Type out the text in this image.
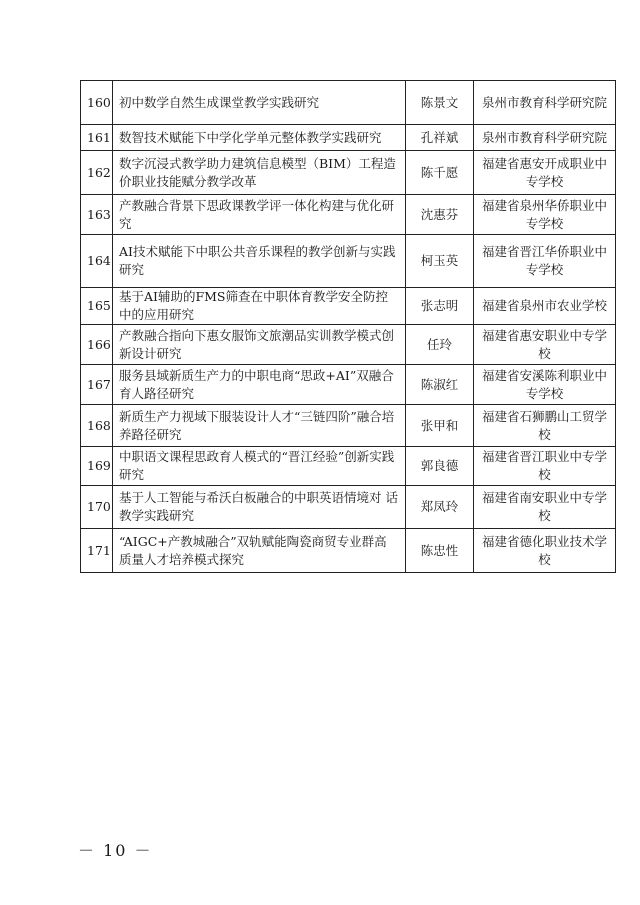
160	初中数学自然生成课堂教学实践研究	陈景文	泉州市教育科学研究院
161	数智技术赋能下中学化学单元整体教学实践研究	孔祥斌	泉州市教育科学研究院
162	数字沉浸式教学助力建筑信息模型（BIM）工程造价职业技能赋分教学改革	陈千愿	福建省惠安开成职业中专学校
163	产教融合背景下思政课教学评一体化构建与优化研究	沈惠芬	福建省泉州华侨职业中专学校
164	AI技术赋能下中职公共音乐课程的教学创新与实践研究	柯玉英	福建省晋江华侨职业中专学校
165	基于AI辅助的FMS筛查在中职体育教学安全防控中的应用研究	张志明	福建省泉州市农业学校
166	产教融合指向下惠女服饰文旅潮品实训教学模式创新设计研究	任玲	福建省惠安职业中专学校
167	服务县域新质生产力的中职电商“思政+AI”双融合育人路径研究	陈淑红	福建省安溪陈利职业中专学校
168	新质生产力视域下服装设计人才“三链四阶”融合培养路径研究	张甲和	福建省石狮鹏山工贸学校
169	中职语文课程思政育人模式的“晋江经验”创新实践研究	郭良德	福建省晋江职业中专学校
170	基于人工智能与希沃白板融合的中职英语情境对 话教学实践研究	郑凤玲	福建省南安职业中专学校
171	“AIGC+产教城融合”双轨赋能陶瓷商贸专业群高质量人才培养模式探究	陈忠性	福建省德化职业技术学校
－ 10 －
